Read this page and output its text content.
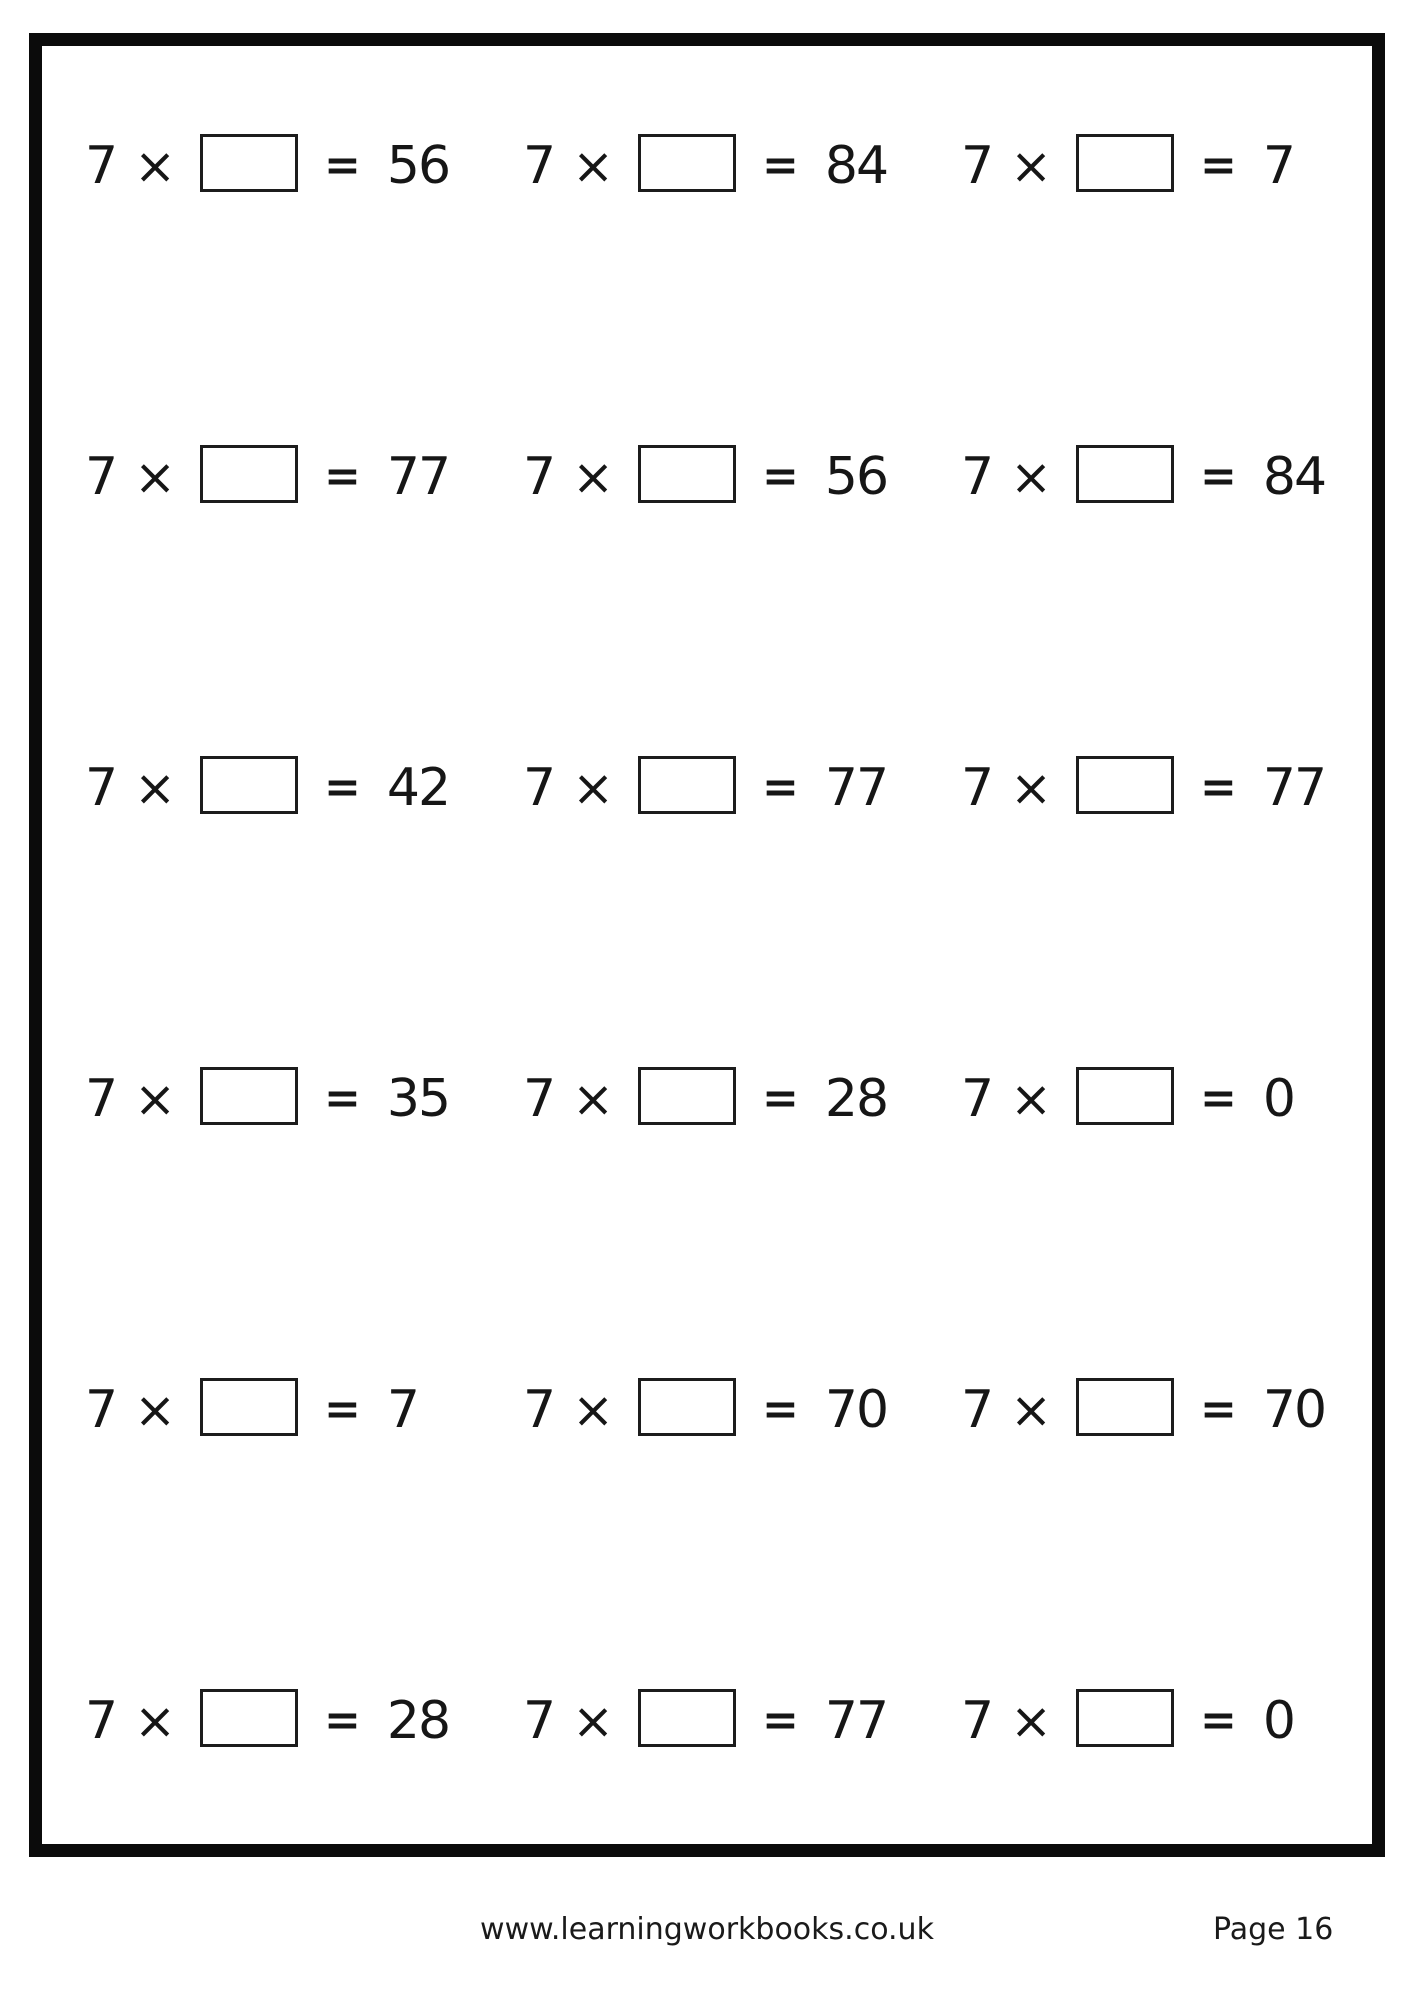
7 ×	= 56 7 ×	= 84 7 ×	= 7
7 ×	= 77 7 ×	= 56 7 ×	= 84
7 ×	= 42 7 ×	= 77 7 ×	= 77
7 ×	= 35 7 ×	= 28 7 ×	= 0
7 ×	= 7 7 ×	= 70 7 ×	= 70
7 ×	= 28 7 ×	= 77 7 ×	= 0
www.learningworkbooks.co.uk	Page 16
